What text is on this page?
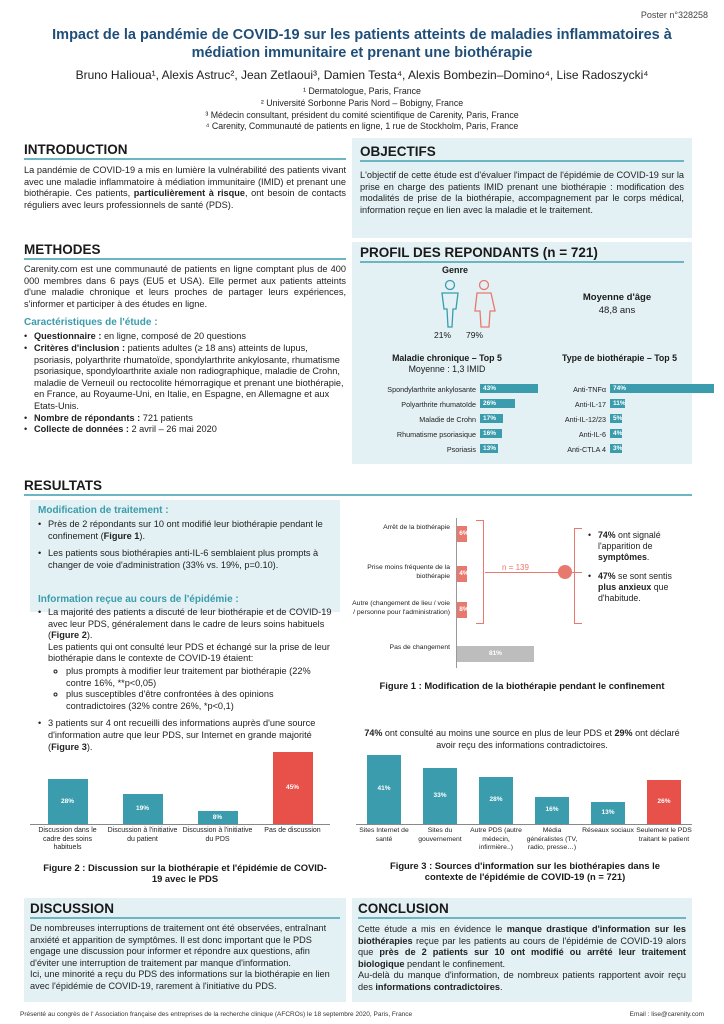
Poster n°328258
Impact de la pandémie de COVID-19 sur les patients atteints de maladies inflammatoires à médiation immunitaire et prenant une biothérapie
Bruno Halioua¹, Alexis Astruc², Jean Zetlaoui³, Damien Testa⁴, Alexis Bombezin–Domino⁴, Lise Radoszycki⁴
¹ Dermatologue, Paris, France
² Université Sorbonne Paris Nord – Bobigny, France
³ Médecin consultant, président du comité scientifique de Carenity, Paris, France
⁴ Carenity, Communauté de patients en ligne, 1 rue de Stockholm, Paris, France
INTRODUCTION
La pandémie de COVID-19 a mis en lumière la vulnérabilité des patients vivant avec une maladie inflammatoire à médiation immunitaire (IMID) et prenant une biothérapie. Ces patients, particulièrement à risque, ont besoin de contacts réguliers avec leurs professionnels de santé (PDS).
OBJECTIFS
L'objectif de cette étude est d'évaluer l'impact de l'épidémie de COVID-19 sur la prise en charge des patients IMID prenant une biothérapie : modification des modalités de prise de la biothérapie, accompagnement par le corps médical, information reçue en lien avec la maladie et le traitement.
METHODES
Carenity.com est une communauté de patients en ligne comptant plus de 400 000 membres dans 6 pays (EU5 et USA). Elle permet aux patients atteints d'une maladie chronique et leurs proches de partager leurs expériences, s'informer et participer à des études en ligne.
Caractéristiques de l'étude :
• Questionnaire : en ligne, composé de 20 questions
• Critères d'inclusion : patients adultes (≥ 18 ans) atteints de lupus, psoriasis, polyarthrite rhumatoïde, spondylarthrite ankylosante, rhumatisme psoriasique, spondyloarthrite axiale non radiographique, maladie de Crohn, maladie de Verneuil ou rectocolite hémorragique et prenant une biothérapie, en France, au Royaume-Uni, en Italie, en Espagne, en Allemagne et aux Etats-Unis.
• Nombre de répondants : 721 patients
• Collecte de données : 2 avril – 26 mai 2020
PROFIL DES REPONDANTS (n = 721)
Genre
21% 79%
Moyenne d'âge
48,8 ans
Maladie chronique – Top 5
Moyenne : 1,3 IMID
Type de biothérapie – Top 5
Spondylarthrite ankylosante 43%
Polyarthrite rhumatoïde 26%
Maladie de Crohn 17%
Rhumatisme psoriasique 16%
Psoriasis 13%
Anti-TNFα 74%
Anti-IL-17 11%
Anti-IL-12/23 5%
Anti-IL-6 4%
Anti-CTLA 4 3%
RESULTATS
Modification de traitement :
• Près de 2 répondants sur 10 ont modifié leur biothérapie pendant le confinement (Figure 1).
• Les patients sous biothérapies anti-IL-6 semblaient plus prompts à changer de voie d'administration (33% vs. 19%, p=0.10).
Information reçue au cours de l'épidémie :
• La majorité des patients a discuté de leur biothérapie et de COVID-19 avec leur PDS, généralement dans le cadre de leurs soins habituels (Figure 2).
Les patients qui ont consulté leur PDS et échangé sur la prise de leur biothérapie dans le contexte de COVID-19 étaient:
◦ plus prompts à modifier leur traitement par biothérapie (22% contre 16%, **p<0,05)
◦ plus susceptibles d'être confrontées à des opinions contradictoires (32% contre 26%, *p<0,1)
• 3 patients sur 4 ont recueilli des informations auprès d'une source d'information autre que leur PDS, sur Internet en grande majorité (Figure 3).
Arrêt de la biothérapie
6%
Prise moins fréquente de la biothérapie	4%
Autre (changement de lieu / voie / personne pour l'administration)	8%
Pas de changement
81%
n = 139
• 74% ont signalé l'apparition de symptômes.
• 47% se sont sentis plus anxieux que d'habitude.
Figure 1 : Modification de la biothérapie pendant le confinement
28%
Discussion dans le cadre des soins habituels
19%
Discussion à l'initiative du patient
8%
Discussion à l'initiative du PDS
45%
Pas de discussion
Figure 2 : Discussion sur la biothérapie et l'épidémie de COVID-19 avec le PDS
74% ont consulté au moins une source en plus de leur PDS et 29% ont déclaré avoir reçu des informations contradictoires.
41%
Sites Internet de santé
33%
Sites du gouvernement
28%
Autre PDS (autre médecin, infirmière..)
16%
Média généralistes (TV, radio, presse…)
13%
Réseaux sociaux
26%
Seulement le PDS traitant le patient
Figure 3 : Sources d'information sur les biothérapies dans le contexte de l'épidémie de COVID-19 (n = 721)
DISCUSSION
De nombreuses interruptions de traitement ont été observées, entraînant anxiété et apparition de symptômes. Il est donc important que le PDS engage une discussion pour informer et répondre aux questions, afin d'éviter une interruption de traitement par manque d'information.
Ici, une minorité a reçu du PDS des informations sur la biothérapie en lien avec l'épidémie de COVID-19, rarement à l'initiative du PDS.
CONCLUSION
Cette étude a mis en évidence le manque drastique d'information sur les biothérapies reçue par les patients au cours de l'épidémie de COVID-19 alors que près de 2 patients sur 10 ont modifié ou arrêté leur traitement biologique pendant le confinement.
Au-delà du manque d'information, de nombreux patients rapportent avoir reçu des informations contradictoires.
Présenté au congrès de l' Association française des entreprises de la recherche clinique (AFCROs) le 18 septembre 2020, Paris, France	Email : lise@carenity.com
